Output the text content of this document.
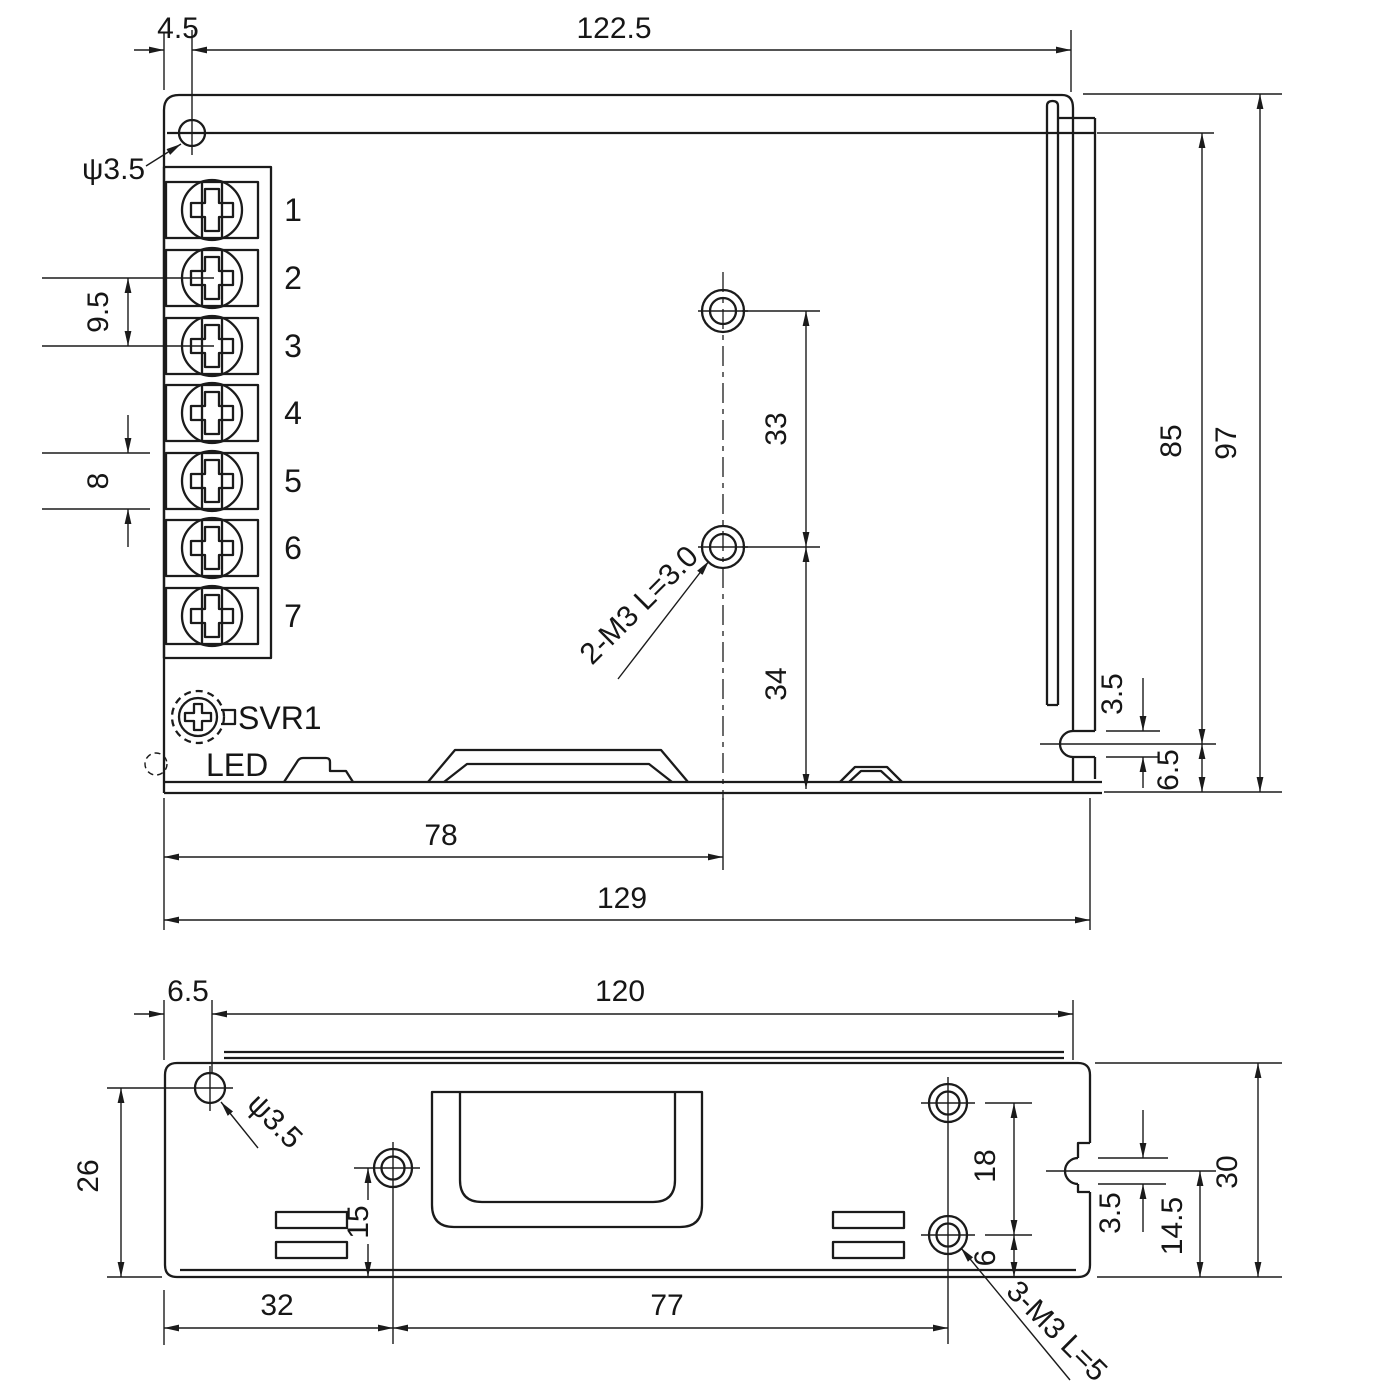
ψ3.5
1
2
3
4
5
6
7
9.5
8
SVR1
LED
2-M3 L=3.0
33
34
4.5	122.5
85 97
3.5
6.5
78
129
ψ3.5
15
18
6
3-M3 L=5
6.5	120
26
3.5 14.5
30
32	77
